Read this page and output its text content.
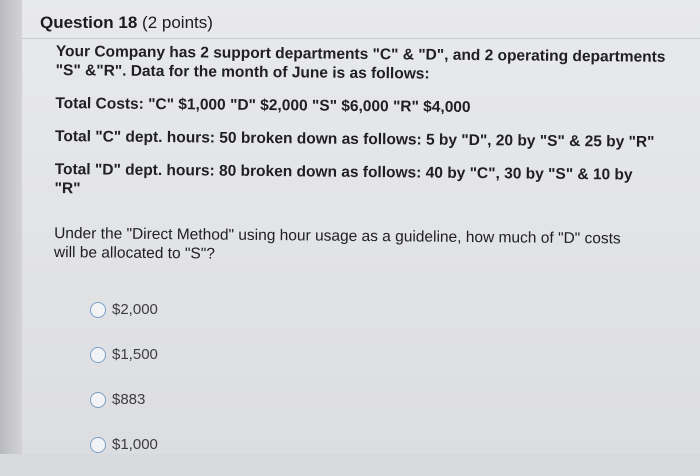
Question 18 (2 points)
Your Company has 2 support departments "C" & "D", and 2 operating departments
"S" &"R". Data for the month of June is as follows:
Total Costs: "C" $1,000 "D" $2,000 "S" $6,000 "R" $4,000
Total "C" dept. hours: 50 broken down as follows: 5 by "D", 20 by "S" & 25 by "R"
Total "D" dept. hours: 80 broken down as follows: 40 by "C", 30 by "S" & 10 by
"R"
Under the "Direct Method" using hour usage as a guideline, how much of "D" costs
will be allocated to "S"?
$2,000
$1,500
$883
$1,000
